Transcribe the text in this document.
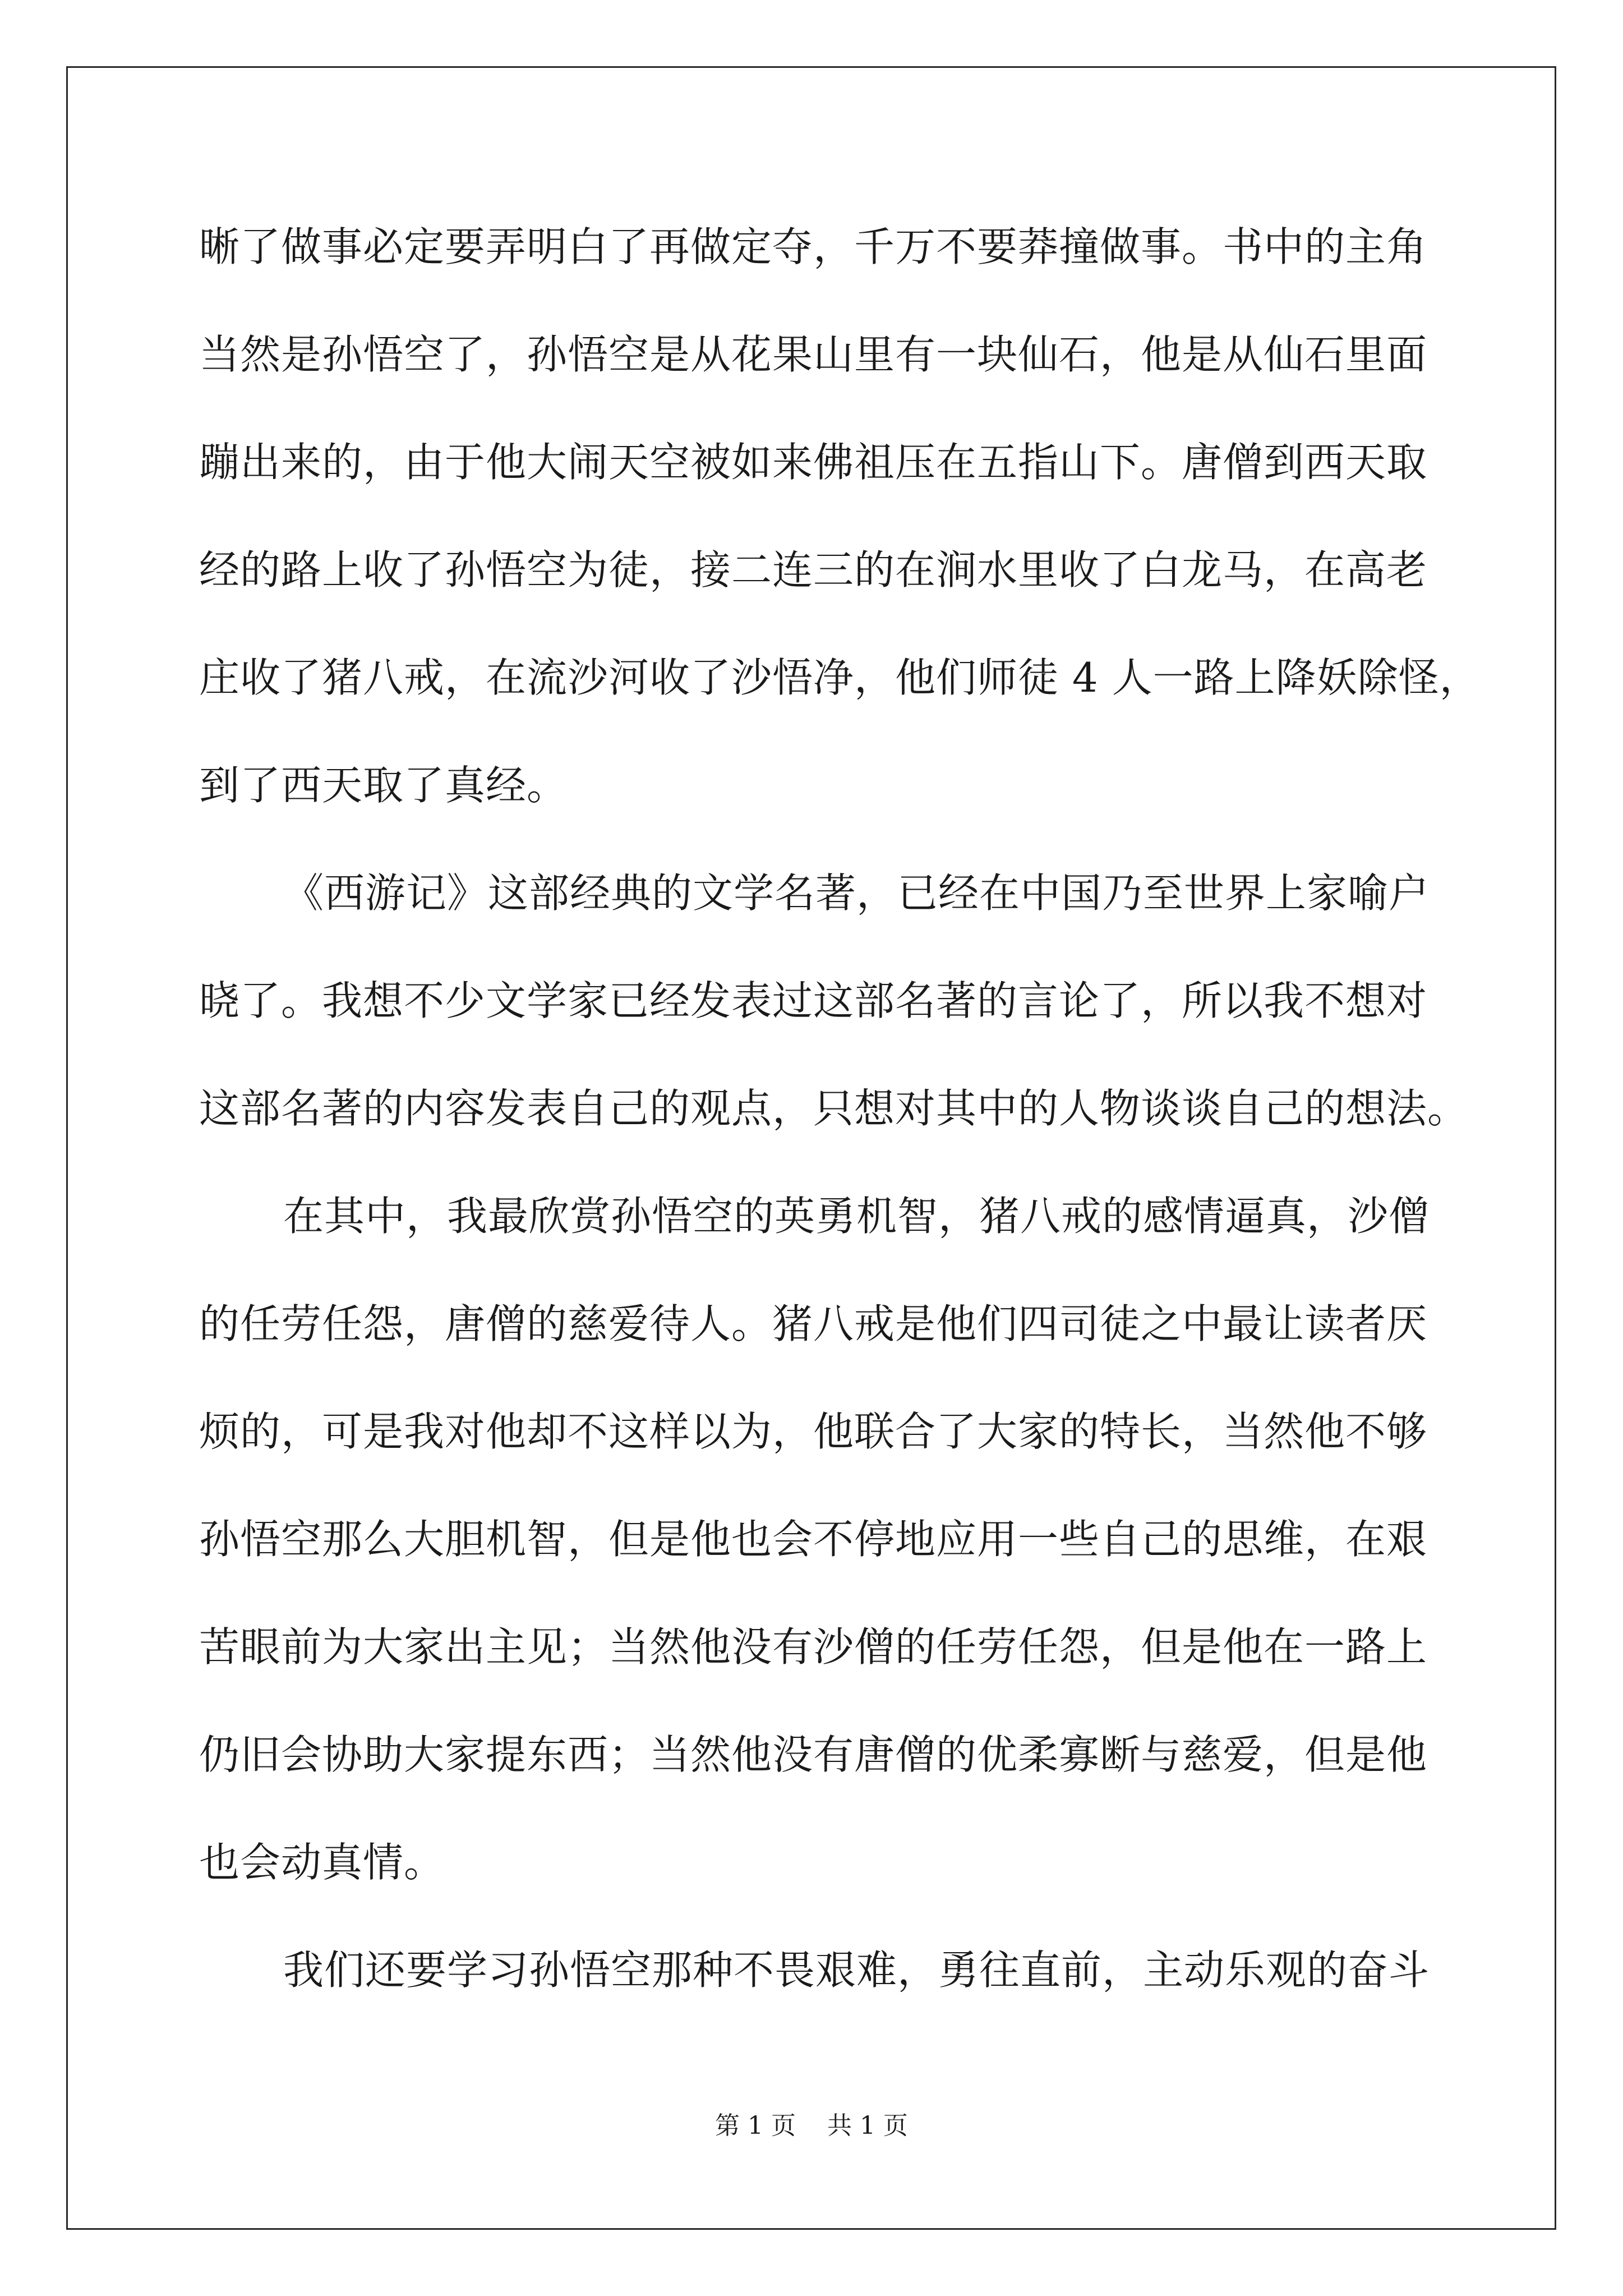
晰了做事必定要弄明白了再做定夺，千万不要莽撞做事。书中的主角
当然是孙悟空了，孙悟空是从花果山里有一块仙石，他是从仙石里面
蹦出来的，由于他大闹天空被如来佛祖压在五指山下。唐僧到西天取
经的路上收了孙悟空为徒，接二连三的在涧水里收了白龙马，在高老
庄收了猪八戒，在流沙河收了沙悟净，他们师徒 4 人一路上降妖除怪，
到了西天取了真经。
《西游记》这部经典的文学名著，已经在中国乃至世界上家喻户
晓了。我想不少文学家已经发表过这部名著的言论了，所以我不想对
这部名著的内容发表自己的观点，只想对其中的人物谈谈自己的想法。
在其中，我最欣赏孙悟空的英勇机智，猪八戒的感情逼真，沙僧
的任劳任怨，唐僧的慈爱待人。猪八戒是他们四司徒之中最让读者厌
烦的，可是我对他却不这样以为，他联合了大家的特长，当然他不够
孙悟空那么大胆机智，但是他也会不停地应用一些自己的思维，在艰
苦眼前为大家出主见；当然他没有沙僧的任劳任怨，但是他在一路上
仍旧会协助大家提东西；当然他没有唐僧的优柔寡断与慈爱，但是他
也会动真情。
我们还要学习孙悟空那种不畏艰难，勇往直前，主动乐观的奋斗
第 1 页    共 1 页
